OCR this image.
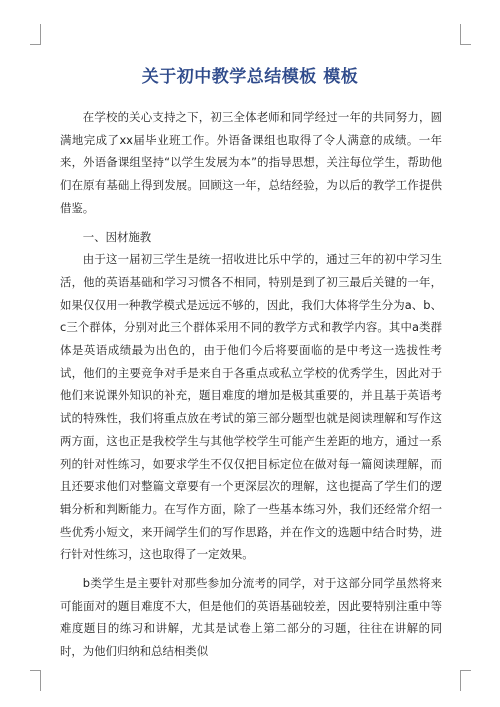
关于初中教学总结模板 模板

在学校的关心支持之下，初三全体老师和同学经过一年的共同努力，圆满地完成了xx届毕业班工作。外语备课组也取得了令人满意的成绩。一年来，外语备课组坚持“以学生发展为本”的指导思想，关注每位学生，帮助他们在原有基础上得到发展。回顾这一年，总结经验，为以后的教学工作提供借鉴。

一、因材施教

由于这一届初三学生是统一招收进比乐中学的，通过三年的初中学习生活，他的英语基础和学习习惯各不相同，特别是到了初三最后关键的一年，如果仅仅用一种教学模式是远远不够的，因此，我们大体将学生分为a、b、c三个群体，分别对此三个群体采用不同的教学方式和教学内容。其中a类群体是英语成绩最为出色的，由于他们今后将要面临的是中考这一选拔性考试，他们的主要竞争对手是来自于各重点或私立学校的优秀学生，因此对于他们来说课外知识的补充，题目难度的增加是极其重要的，并且基于英语考试的特殊性，我们将重点放在考试的第三部分题型也就是阅读理解和写作这两方面，这也正是我校学生与其他学校学生可能产生差距的地方，通过一系列的针对性练习，如要求学生不仅仅把目标定位在做对每一篇阅读理解，而且还要求他们对整篇文章要有一个更深层次的理解，这也提高了学生们的逻辑分析和判断能力。在写作方面，除了一些基本练习外，我们还经常介绍一些优秀小短文，来开阔学生们的写作思路，并在作文的选题中结合时势，进行针对性练习，这也取得了一定效果。

b类学生是主要针对那些参加分流考的同学，对于这部分同学虽然将来可能面对的题目难度不大，但是他们的英语基础较差，因此要特别注重中等难度题目的练习和讲解，尤其是试卷上第二部分的习题，往往在讲解的同时，为他们归纳和总结相类似
